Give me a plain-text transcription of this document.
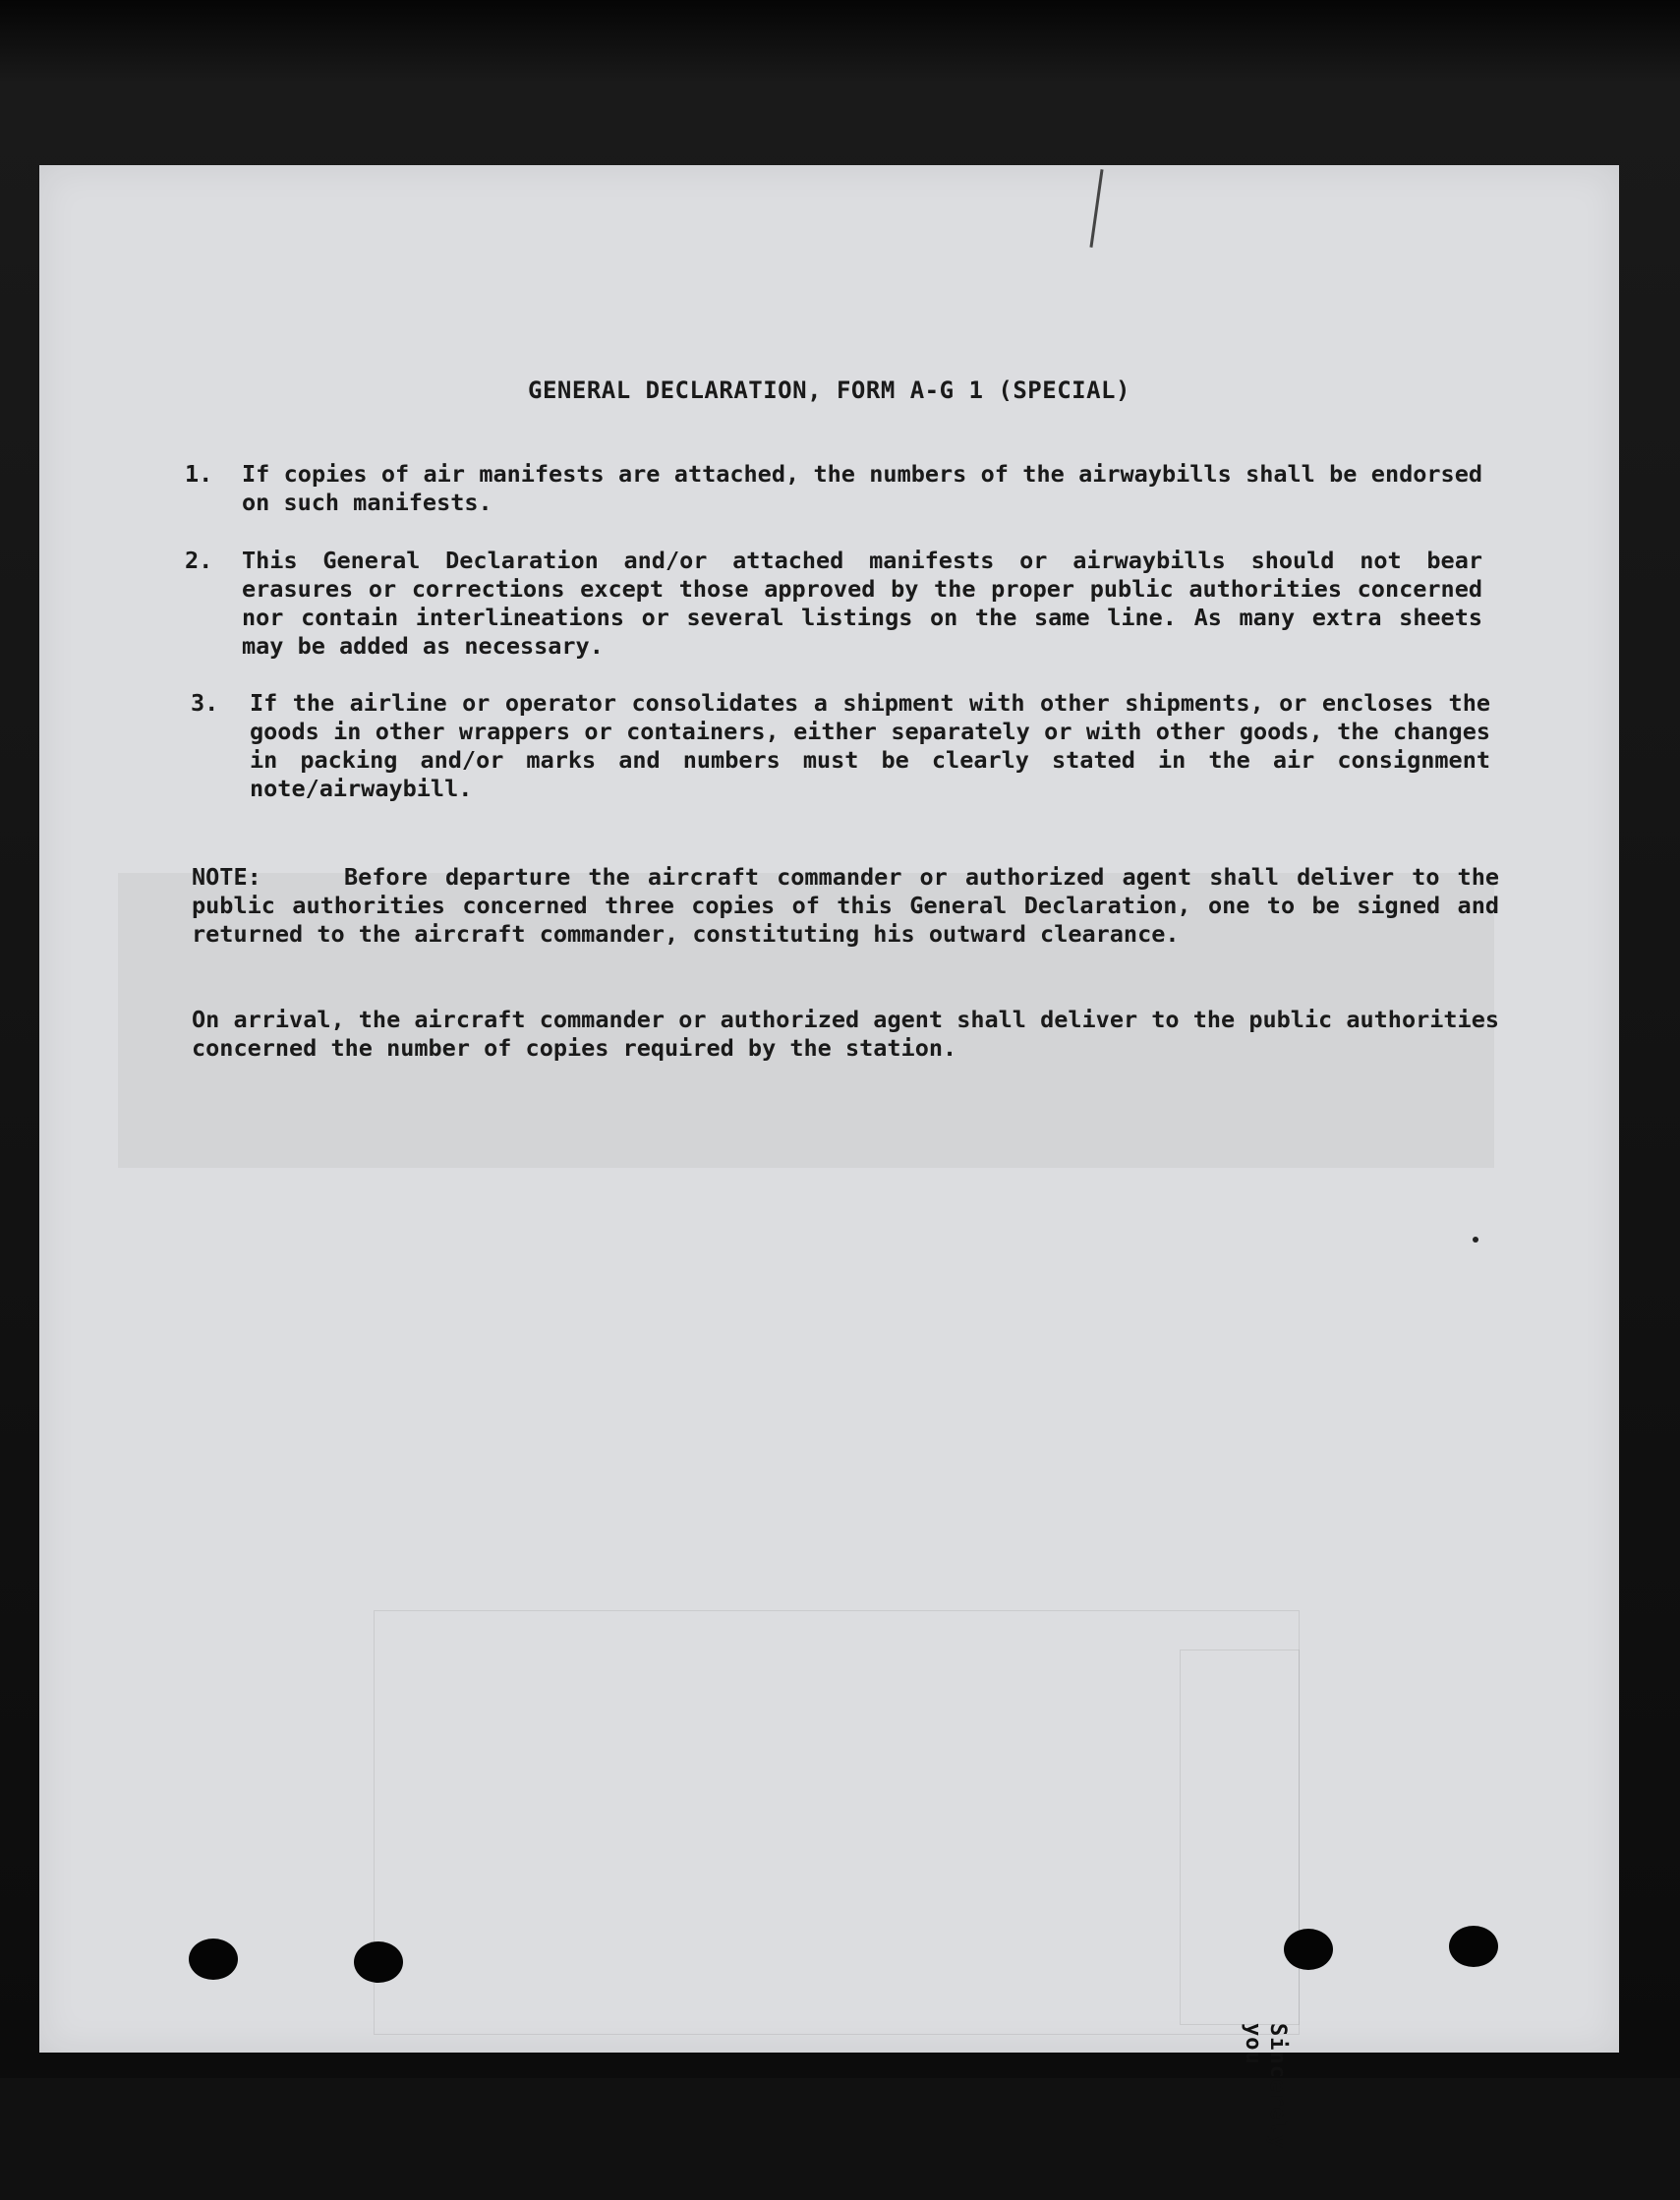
GENERAL DECLARATION, FORM A-G 1 (SPECIAL)
1.	If copies of air manifests are attached, the numbers of the airwaybills shall be endorsed on such manifests.
2.	This General Declaration and/or attached manifests or airwaybills should not bear erasures or corrections except those approved by the proper public authorities concerned nor contain interlineations or several listings on the same line. As many extra sheets may be added as necessary.
3.	If the airline or operator consolidates a shipment with other shipments, or encloses the goods in other wrappers or containers, either separately or with other goods, the changes in packing and/or marks and numbers must be clearly stated in the air consignment note/airwaybill.
NOTE:	Before departure the aircraft commander or authorized agent shall deliver to the public authorities concerned three copies of this General Declaration, one to be signed and returned to the aircraft commander, constituting his outward clearance.
On arrival, the aircraft commander or authorized agent shall deliver to the public authorities concerned the number of copies required by the station.
Sincerely you
